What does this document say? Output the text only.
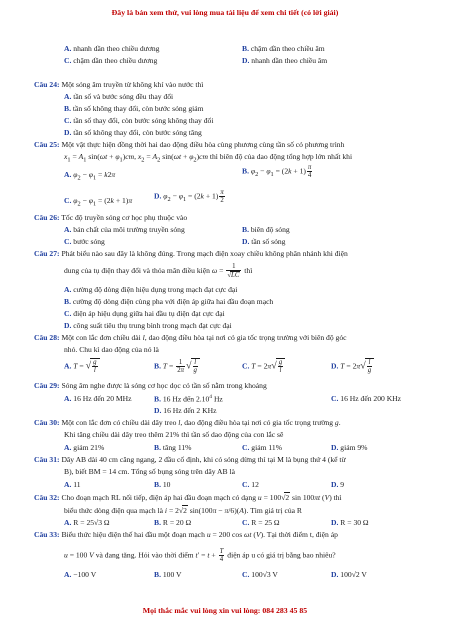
Đây là bản xem thử, vui lòng mua tài liệu để xem chi tiết (có lời giải)
A. nhanh dần theo chiều dương	B. chậm dần theo chiều âm
C. chậm dần theo chiều dương	D. nhanh dần theo chiều âm
Câu 24: Một sóng âm truyền từ không khí vào nước thì
A. tần số và bước sóng đều thay đổi
B. tần số không thay đổi, còn bước sóng giảm
C. tần số thay đổi, còn bước sóng không thay đổi
D. tần số không thay đổi, còn bước sóng tăng
Câu 25: Một vật thực hiện đồng thời hai dao động điều hòa cùng phương cùng tần số có phương trình
$x_1 = A_1$ $\sin(\omega t + \varphi_1)cm$, $x_2 = A_2$ $\sin(\omega t + \varphi_2)cm$ thì biên độ của dao động tổng hợp lớn nhất khi
A. $\varphi_2 - \varphi_1 = k2\pi$	B. $\varphi_2 - \varphi_1 = (2k + 1) \frac{\pi}{4}$
C. $\varphi_2 - \varphi_1 = (2k + 1)\pi$
D. $\varphi_2 - \varphi_1 = (2k + 1) \frac{\pi}{2}$
Câu 26: Tốc độ truyền sóng cơ học phụ thuộc vào
A. bản chất của môi trường truyền sóng	B. biên độ sóng
C. bước sóng	D. tần số sóng
Câu 27: Phát biểu nào sau đây là không đúng. Trong mạch điện xoay chiều không phân nhánh khi điện
dung của tụ điện thay đổi và thỏa mãn điều kiện $\omega = \frac{1}{√LC}$ thì
A. cường độ dòng điện hiệu dụng trong mạch đạt cực đại
B. cường độ dòng điện cùng pha với điện áp giữa hai đầu đoạn mạch
C. điện áp hiệu dụng giữa hai đầu tụ điện đạt cực đại
D. công suất tiêu thụ trung bình trong mạch đạt cực đại
Câu 28: Một con lắc đơn chiều dài l, dao động điều hòa tại nơi có gia tốc trọng trường với biên độ góc
nhỏ. Chu kì dao động của nó là
A. T = √ $\frac{g}{l}$	B. $T = \frac{1}{2\pi}$ √ $\frac{l}{g}$	C. $T = 2\pi√ \frac{g}{l}$	D. $T = 2\pi√ \frac{l}{g}$
Câu 29: Sóng âm nghe được là sóng cơ học dọc có tần số nằm trong khoảng
A. 16 Hz đến 20 MHz	B. 16 Hz đến 2.10$^4$ Hz	C. 16 Hz đến 200 KHz
D. 16 Hz đến 2 KHz
Câu 30: Một con lắc đơn có chiều dài dây treo l, dao động điều hòa tại nơi có gia tốc trọng trường g.
Khi tăng chiều dài dây treo thêm 21% thì tần số dao động của con lắc sẽ
A. giảm 21%	B. tăng 11%	C. giảm 11%	D. giảm 9%
Câu 31: Dây AB dài 40 cm căng ngang, 2 đầu cố định, khi có sóng dừng thì tại M là bụng thứ 4 (kể từ
B), biết BM = 14 cm. Tổng số bụng sóng trên dây AB là
A. 11	B. 10	C. 12	D. 9
Câu 32: Cho đoạn mạch RL nối tiếp, điện áp hai đầu đoạn mạch có dạng u = 100√2 sin 100πt (V) thì
biểu thức dòng điện qua mạch là i = 2√2 sin(100π − π/6)(A). Tìm giá trị của R
A. R = 25√3 Ω	B. R = 20 Ω	C. R = 25 Ω	D. R = 30 Ω
Câu 33: Biểu thức hiệu điện thế hai đầu một đoạn mạch u = 200 cos ωt (V). Tại thời điểm t, điện áp
u = 100 V và đang tăng. Hỏi vào thời điểm $t' = t + \frac{T}{4}$ điện áp u có giá trị bằng bao nhiêu?
A. −100 V	B. 100 V	C. 100√3 V	D. 100√2 V
Mọi thắc mắc vui lòng xin vui lòng: 084 283 45 85
